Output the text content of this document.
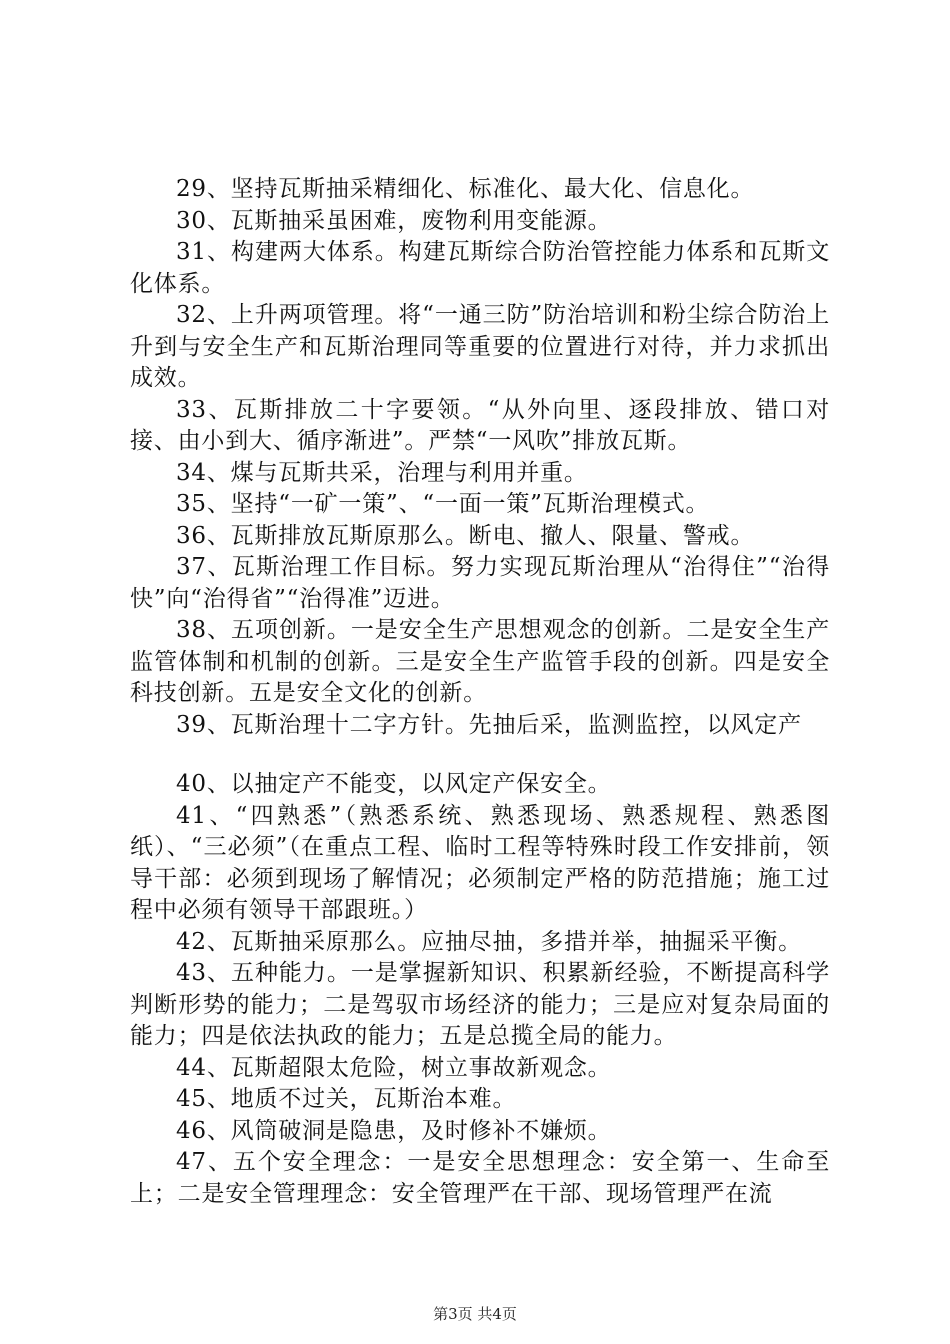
29、坚持瓦斯抽采精细化、标准化、最大化、信息化。

30、瓦斯抽采虽困难，废物利用变能源。

31、构建两大体系。构建瓦斯综合防治管控能力体系和瓦斯文化体系。

32、上升两项管理。将“一通三防”防治培训和粉尘综合防治上升到与安全生产和瓦斯治理同等重要的位置进行对待，并力求抓出成效。

33、瓦斯排放二十字要领。“从外向里、逐段排放、错口对接、由小到大、循序渐进”。严禁“一风吹”排放瓦斯。

34、煤与瓦斯共采，治理与利用并重。

35、坚持“一矿一策”、“一面一策”瓦斯治理模式。

36、瓦斯排放瓦斯原那么。断电、撤人、限量、警戒。

37、瓦斯治理工作目标。努力实现瓦斯治理从“治得住”“治得快”向“治得省”“治得准”迈进。

38、五项创新。一是安全生产思想观念的创新。二是安全生产监管体制和机制的创新。三是安全生产监管手段的创新。四是安全科技创新。五是安全文化的创新。

39、瓦斯治理十二字方针。先抽后采，监测监控，以风定产

40、以抽定产不能变，以风定产保安全。

41、“四熟悉”（熟悉系统、熟悉现场、熟悉规程、熟悉图纸）、“三必须”（在重点工程、临时工程等特殊时段工作安排前，领导干部：必须到现场了解情况；必须制定严格的防范措施；施工过程中必须有领导干部跟班。）

42、瓦斯抽采原那么。应抽尽抽，多措并举，抽掘采平衡。

43、五种能力。一是掌握新知识、积累新经验，不断提高科学判断形势的能力；二是驾驭市场经济的能力；三是应对复杂局面的能力；四是依法执政的能力；五是总揽全局的能力。

44、瓦斯超限太危险，树立事故新观念。

45、地质不过关，瓦斯治本难。

46、风筒破洞是隐患，及时修补不嫌烦。

47、五个安全理念：一是安全思想理念：安全第一、生命至上；二是安全管理理念：安全管理严在干部、现场管理严在流

第3页 共4页
